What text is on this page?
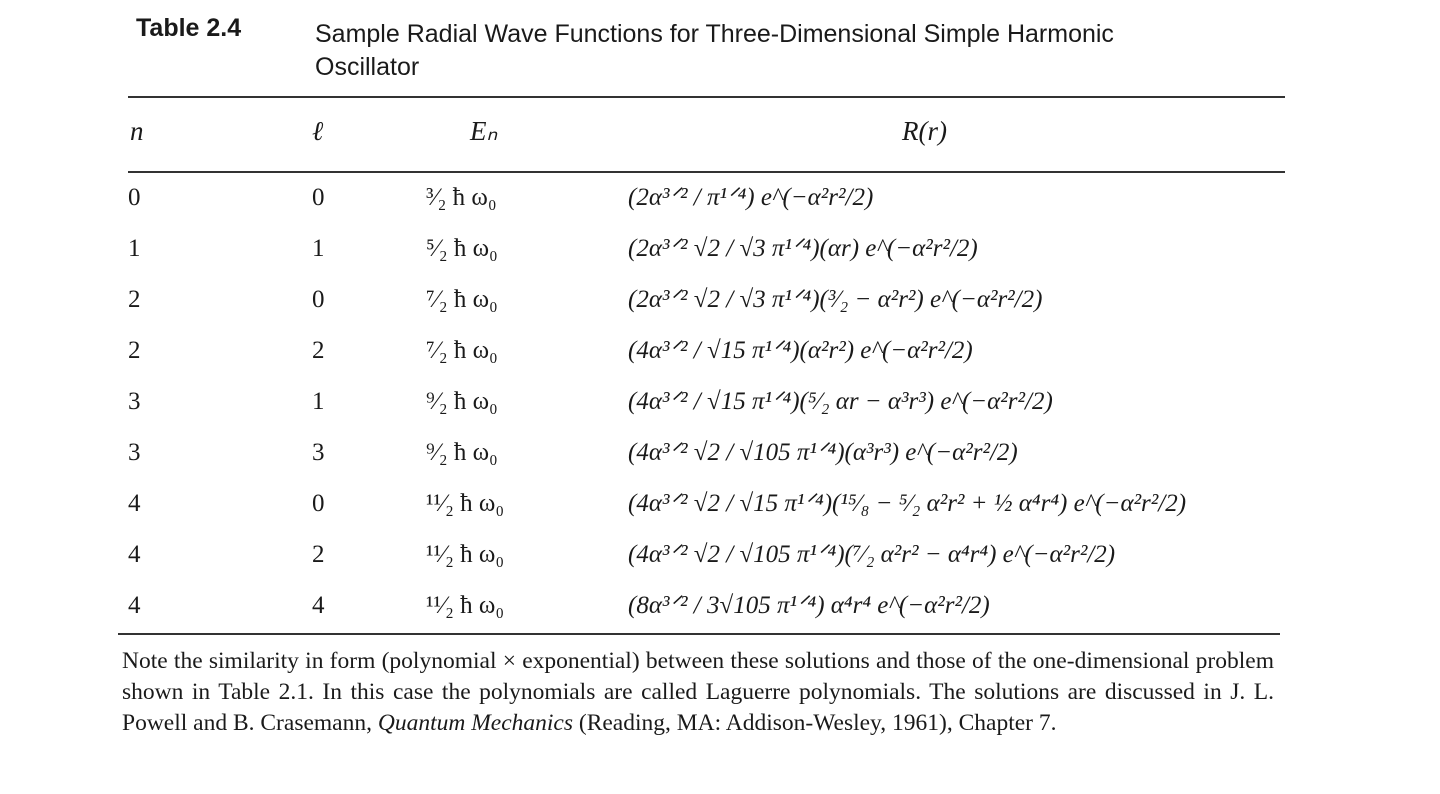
Table 2.4	Sample Radial Wave Functions for Three-Dimensional Simple Harmonic Oscillator
n	ℓ	Eₙ	R(r)
0	0	³⁄₂ ħ ω₀	(2α³ᐟ² / π¹ᐟ⁴) e^(−α²r²/2)
1	1	⁵⁄₂ ħ ω₀	(2α³ᐟ² √2 / √3 π¹ᐟ⁴)(αr) e^(−α²r²/2)
2	0	⁷⁄₂ ħ ω₀	(2α³ᐟ² √2 / √3 π¹ᐟ⁴)(³⁄₂ − α²r²) e^(−α²r²/2)
2	2	⁷⁄₂ ħ ω₀	(4α³ᐟ² / √15 π¹ᐟ⁴)(α²r²) e^(−α²r²/2)
3	1	⁹⁄₂ ħ ω₀	(4α³ᐟ² / √15 π¹ᐟ⁴)(⁵⁄₂ αr − α³r³) e^(−α²r²/2)
3	3	⁹⁄₂ ħ ω₀	(4α³ᐟ² √2 / √105 π¹ᐟ⁴)(α³r³) e^(−α²r²/2)
4	0	¹¹⁄₂ ħ ω₀	(4α³ᐟ² √2 / √15 π¹ᐟ⁴)(¹⁵⁄₈ − ⁵⁄₂ α²r² + ½ α⁴r⁴) e^(−α²r²/2)
4	2	¹¹⁄₂ ħ ω₀	(4α³ᐟ² √2 / √105 π¹ᐟ⁴)(⁷⁄₂ α²r² − α⁴r⁴) e^(−α²r²/2)
4	4	¹¹⁄₂ ħ ω₀	(8α³ᐟ² / 3√105 π¹ᐟ⁴) α⁴r⁴ e^(−α²r²/2)
Note the similarity in form (polynomial × exponential) between these solutions and those of the one-dimensional problem shown in Table 2.1. In this case the polynomials are called Laguerre polynomials. The solutions are discussed in J. L. Powell and B. Crasemann, Quantum Mechanics (Reading, MA: Addison-Wesley, 1961), Chapter 7.
